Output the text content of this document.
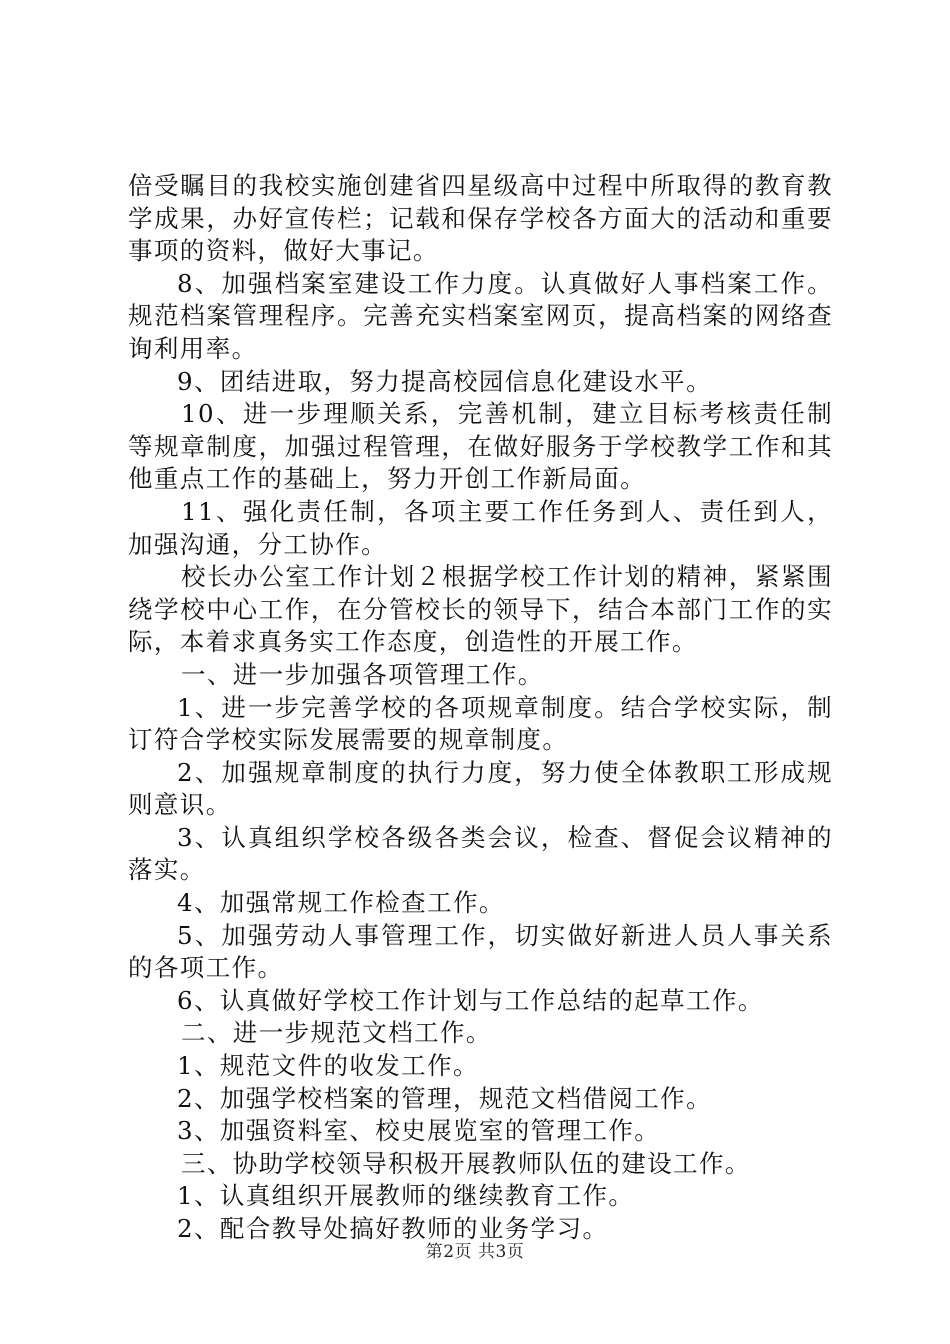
倍受瞩目的我校实施创建省四星级高中过程中所取得的教育教学成果，办好宣传栏；记载和保存学校各方面大的活动和重要事项的资料，做好大事记。

8、加强档案室建设工作力度。认真做好人事档案工作。规范档案管理程序。完善充实档案室网页，提高档案的网络查询利用率。

9、团结进取，努力提高校园信息化建设水平。

10、进一步理顺关系，完善机制，建立目标考核责任制等规章制度，加强过程管理，在做好服务于学校教学工作和其他重点工作的基础上，努力开创工作新局面。

11、强化责任制，各项主要工作任务到人、责任到人，加强沟通，分工协作。

校长办公室工作计划２根据学校工作计划的精神，紧紧围绕学校中心工作，在分管校长的领导下，结合本部门工作的实际，本着求真务实工作态度，创造性的开展工作。

一、进一步加强各项管理工作。

1、进一步完善学校的各项规章制度。结合学校实际，制订符合学校实际发展需要的规章制度。

2、加强规章制度的执行力度，努力使全体教职工形成规则意识。

3、认真组织学校各级各类会议，检查、督促会议精神的落实。

4、加强常规工作检查工作。

5、加强劳动人事管理工作，切实做好新进人员人事关系的各项工作。

6、认真做好学校工作计划与工作总结的起草工作。

二、进一步规范文档工作。

1、规范文件的收发工作。

2、加强学校档案的管理，规范文档借阅工作。

3、加强资料室、校史展览室的管理工作。

三、协助学校领导积极开展教师队伍的建设工作。

1、认真组织开展教师的继续教育工作。

2、配合教导处搞好教师的业务学习。

第2页 共3页
